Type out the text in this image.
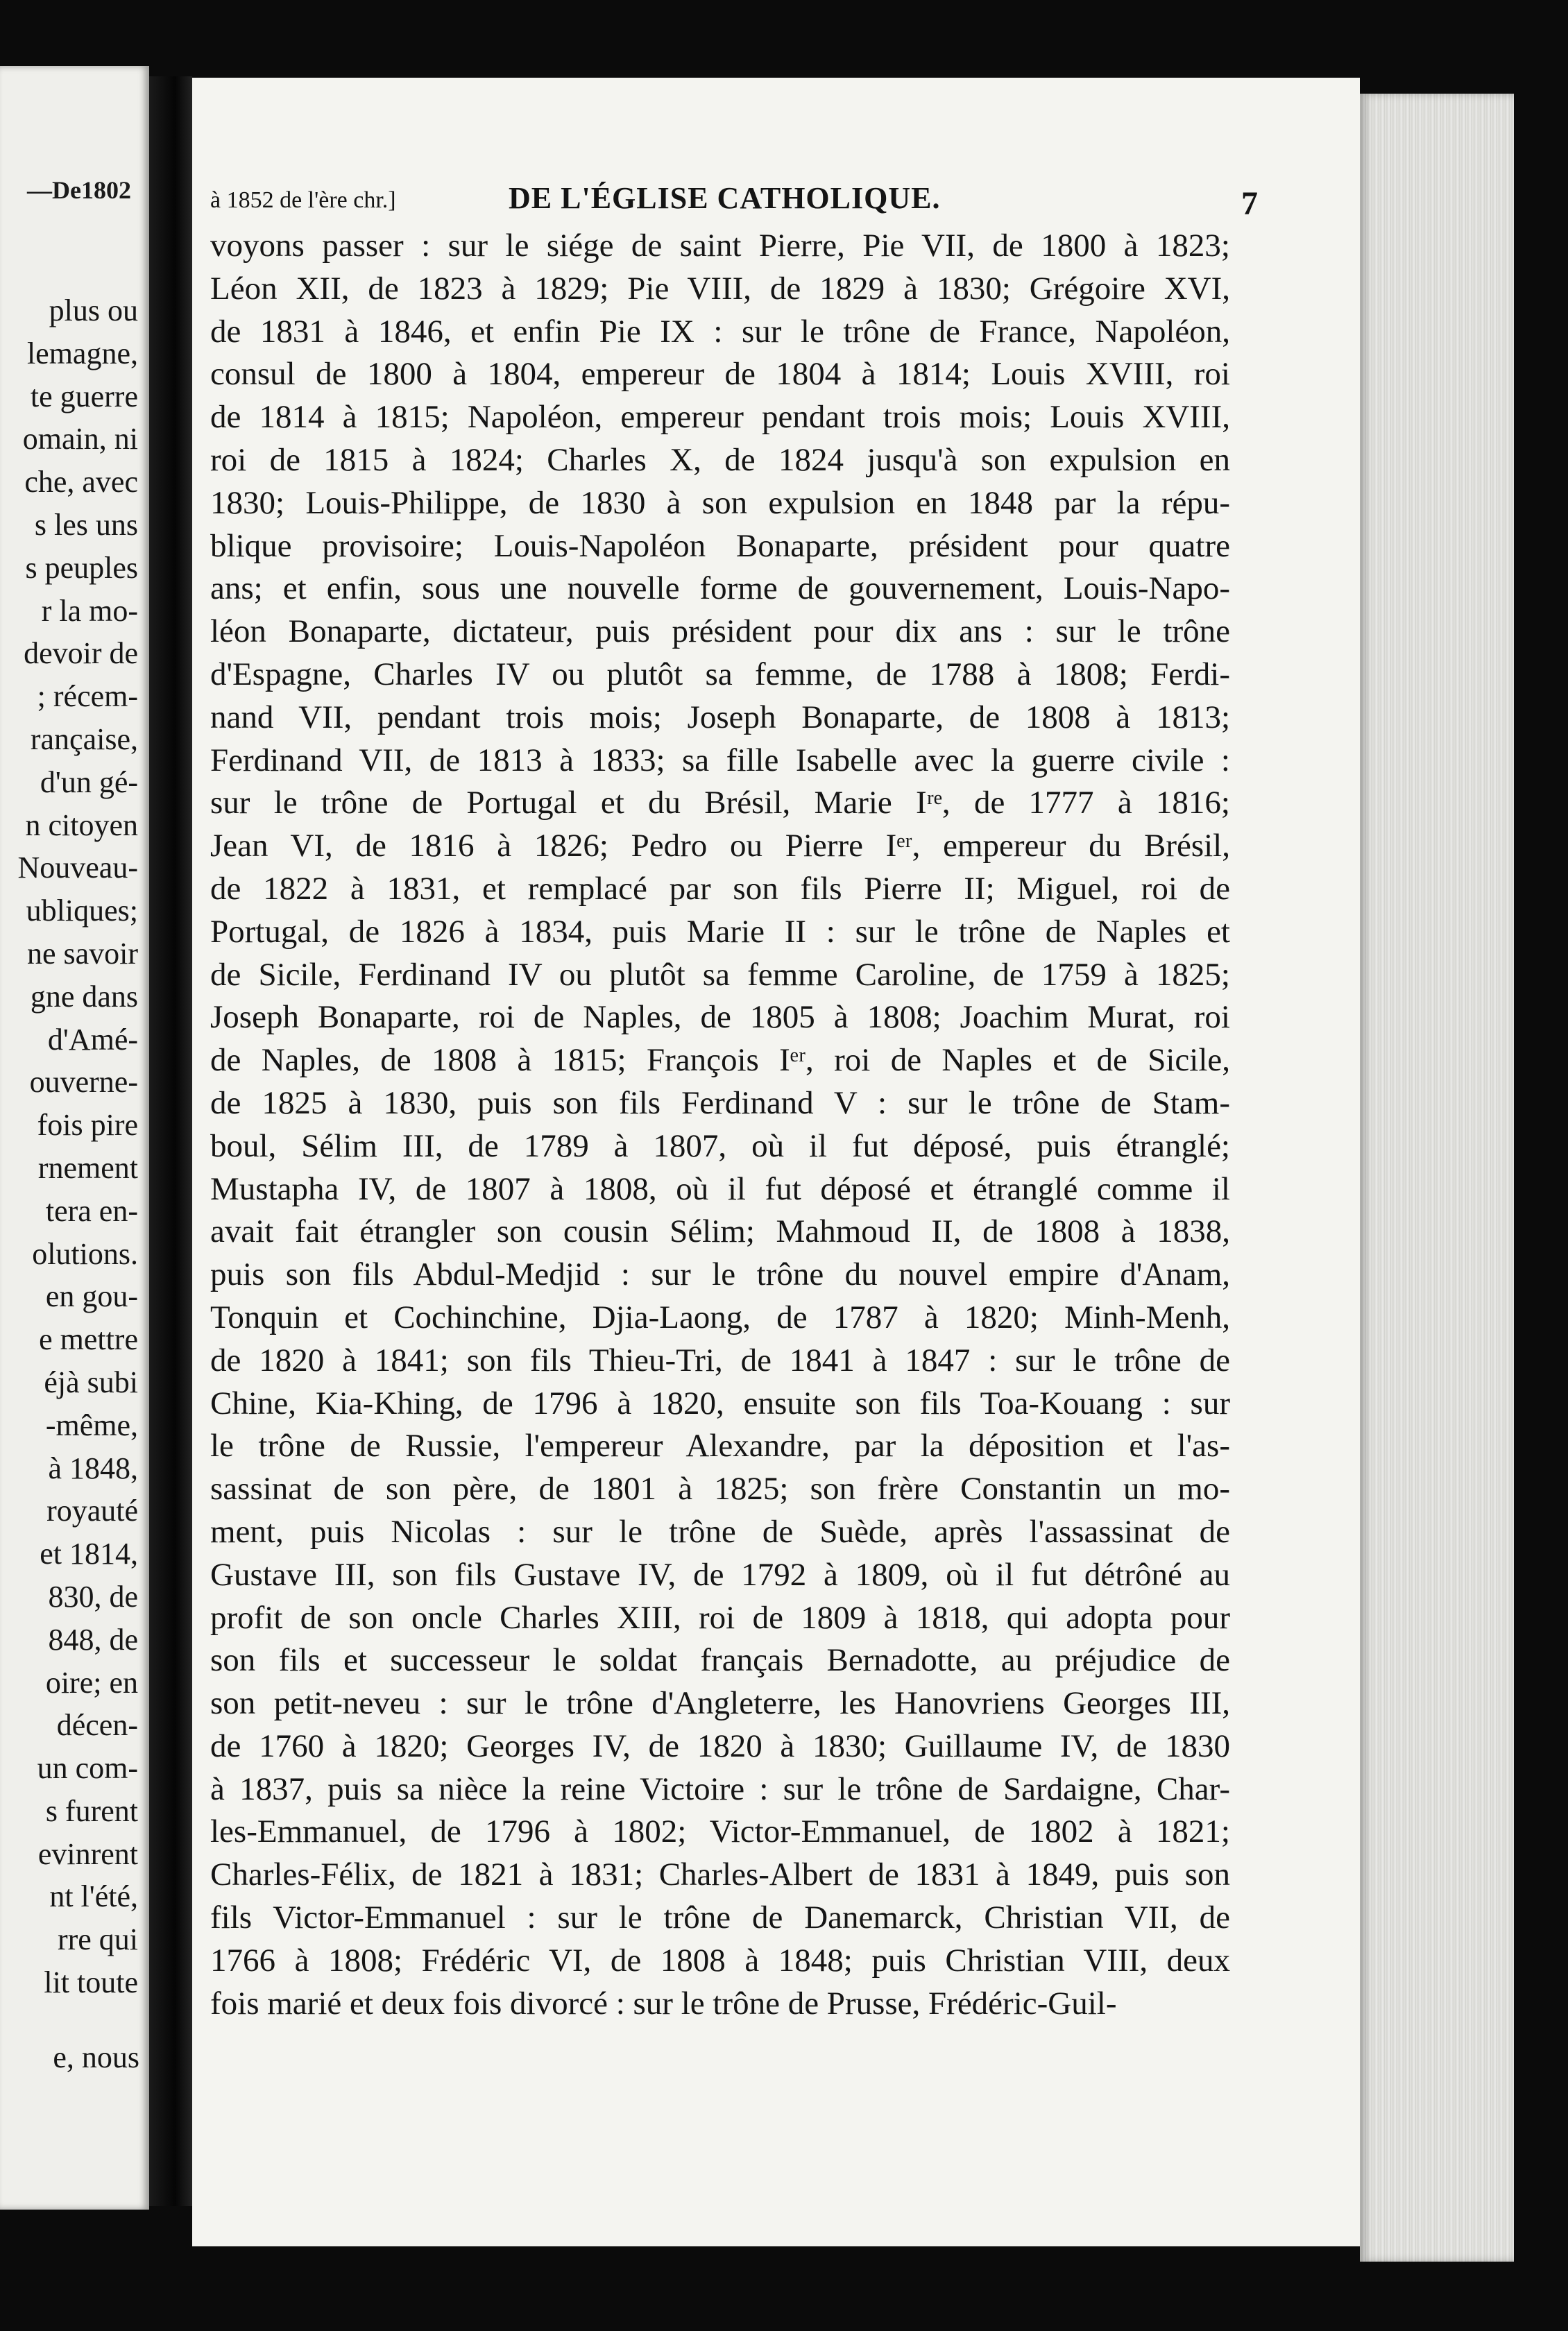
—De1802
plus ou
lemagne,
te guerre
omain, ni
che, avec
s les uns
s peuples
r la mo-
devoir de
; récem-
rançaise,
d'un gé-
n citoyen
Nouveau-
ubliques;
ne savoir
gne dans
d'Amé-
ouverne-
fois pire
rnement
tera en-
olutions.
en gou-
e mettre
éjà subi
-même,
à 1848,
royauté
et 1814,
830, de
848, de
oire; en
décen-
un com-
s furent
evinrent
nt l'été,
rre qui
lit toute
e, nous
à 1852 de l'ère chr.]	DE L'ÉGLISE CATHOLIQUE.	7
voyons passer : sur le siége de saint Pierre, Pie VII, de 1800 à 1823;
Léon XII, de 1823 à 1829; Pie VIII, de 1829 à 1830; Grégoire XVI,
de 1831 à 1846, et enfin Pie IX : sur le trône de France, Napoléon,
consul de 1800 à 1804, empereur de 1804 à 1814; Louis XVIII, roi
de 1814 à 1815; Napoléon, empereur pendant trois mois; Louis XVIII,
roi de 1815 à 1824; Charles X, de 1824 jusqu'à son expulsion en
1830; Louis-Philippe, de 1830 à son expulsion en 1848 par la répu-
blique provisoire; Louis-Napoléon Bonaparte, président pour quatre
ans; et enfin, sous une nouvelle forme de gouvernement, Louis-Napo-
léon Bonaparte, dictateur, puis président pour dix ans : sur le trône
d'Espagne, Charles IV ou plutôt sa femme, de 1788 à 1808; Ferdi-
nand VII, pendant trois mois; Joseph Bonaparte, de 1808 à 1813;
Ferdinand VII, de 1813 à 1833; sa fille Isabelle avec la guerre civile :
sur le trône de Portugal et du Brésil, Marie Iʳᵉ, de 1777 à 1816;
Jean VI, de 1816 à 1826; Pedro ou Pierre Iᵉʳ, empereur du Brésil,
de 1822 à 1831, et remplacé par son fils Pierre II; Miguel, roi de
Portugal, de 1826 à 1834, puis Marie II : sur le trône de Naples et
de Sicile, Ferdinand IV ou plutôt sa femme Caroline, de 1759 à 1825;
Joseph Bonaparte, roi de Naples, de 1805 à 1808; Joachim Murat, roi
de Naples, de 1808 à 1815; François Iᵉʳ, roi de Naples et de Sicile,
de 1825 à 1830, puis son fils Ferdinand V : sur le trône de Stam-
boul, Sélim III, de 1789 à 1807, où il fut déposé, puis étranglé;
Mustapha IV, de 1807 à 1808, où il fut déposé et étranglé comme il
avait fait étrangler son cousin Sélim; Mahmoud II, de 1808 à 1838,
puis son fils Abdul-Medjid : sur le trône du nouvel empire d'Anam,
Tonquin et Cochinchine, Djia-Laong, de 1787 à 1820; Minh-Menh,
de 1820 à 1841; son fils Thieu-Tri, de 1841 à 1847 : sur le trône de
Chine, Kia-Khing, de 1796 à 1820, ensuite son fils Toa-Kouang : sur
le trône de Russie, l'empereur Alexandre, par la déposition et l'as-
sassinat de son père, de 1801 à 1825; son frère Constantin un mo-
ment, puis Nicolas : sur le trône de Suède, après l'assassinat de
Gustave III, son fils Gustave IV, de 1792 à 1809, où il fut détrôné au
profit de son oncle Charles XIII, roi de 1809 à 1818, qui adopta pour
son fils et successeur le soldat français Bernadotte, au préjudice de
son petit-neveu : sur le trône d'Angleterre, les Hanovriens Georges III,
de 1760 à 1820; Georges IV, de 1820 à 1830; Guillaume IV, de 1830
à 1837, puis sa nièce la reine Victoire : sur le trône de Sardaigne, Char-
les-Emmanuel, de 1796 à 1802; Victor-Emmanuel, de 1802 à 1821;
Charles-Félix, de 1821 à 1831; Charles-Albert de 1831 à 1849, puis son
fils Victor-Emmanuel : sur le trône de Danemarck, Christian VII, de
1766 à 1808; Frédéric VI, de 1808 à 1848; puis Christian VIII, deux
fois marié et deux fois divorcé : sur le trône de Prusse, Frédéric-Guil-
